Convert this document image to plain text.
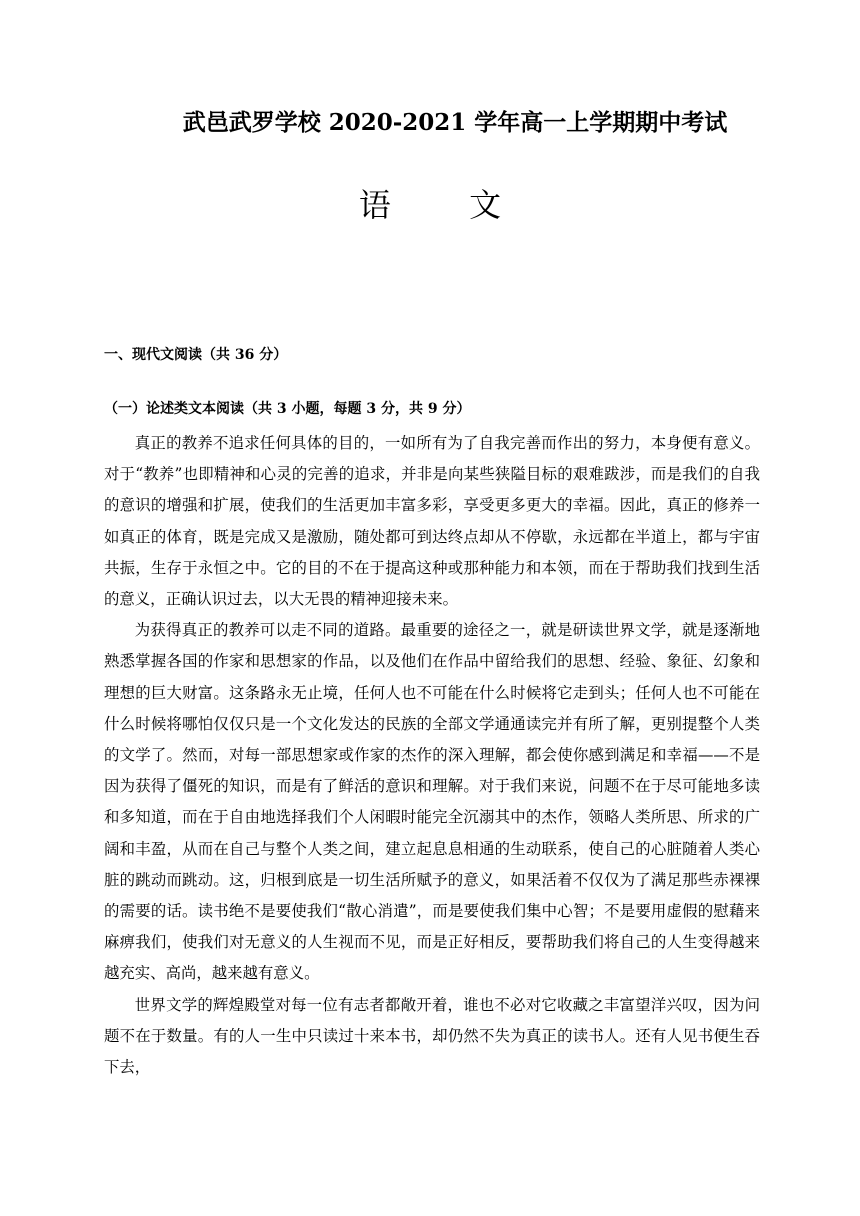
武邑武罗学校 2020-2021 学年高一上学期期中考试
语 文
一、现代文阅读（共 36 分）
（一）论述类文本阅读（共 3 小题，每题 3 分，共 9 分）

真正的教养不追求任何具体的目的，一如所有为了自我完善而作出的努力，本身便有意义。对于“教养”也即精神和心灵的完善的追求，并非是向某些狭隘目标的艰难跋涉，而是我们的自我的意识的增强和扩展，使我们的生活更加丰富多彩，享受更多更大的幸福。因此，真正的修养一如真正的体育，既是完成又是激励，随处都可到达终点却从不停歇，永远都在半道上，都与宇宙共振，生存于永恒之中。它的目的不在于提高这种或那种能力和本领，而在于帮助我们找到生活的意义，正确认识过去，以大无畏的精神迎接未来。

为获得真正的教养可以走不同的道路。最重要的途径之一，就是研读世界文学，就是逐渐地熟悉掌握各国的作家和思想家的作品，以及他们在作品中留给我们的思想、经验、象征、幻象和理想的巨大财富。这条路永无止境，任何人也不可能在什么时候将它走到头；任何人也不可能在什么时候将哪怕仅仅只是一个文化发达的民族的全部文学通通读完并有所了解，更别提整个人类的文学了。然而，对每一部思想家或作家的杰作的深入理解，都会使你感到满足和幸福——不是因为获得了僵死的知识，而是有了鲜活的意识和理解。对于我们来说，问题不在于尽可能地多读和多知道，而在于自由地选择我们个人闲暇时能完全沉溺其中的杰作，领略人类所思、所求的广阔和丰盈，从而在自己与整个人类之间，建立起息息相通的生动联系，使自己的心脏随着人类心脏的跳动而跳动。这，归根到底是一切生活所赋予的意义，如果活着不仅仅为了满足那些赤裸裸的需要的话。读书绝不是要使我们“散心消遣”，而是要使我们集中心智；不是要用虚假的慰藉来麻痹我们，使我们对无意义的人生视而不见，而是正好相反，要帮助我们将自己的人生变得越来越充实、高尚，越来越有意义。

世界文学的辉煌殿堂对每一位有志者都敞开着，谁也不必对它收藏之丰富望洋兴叹，因为问题不在于数量。有的人一生中只读过十来本书，却仍然不失为真正的读书人。还有人见书便生吞下去，
